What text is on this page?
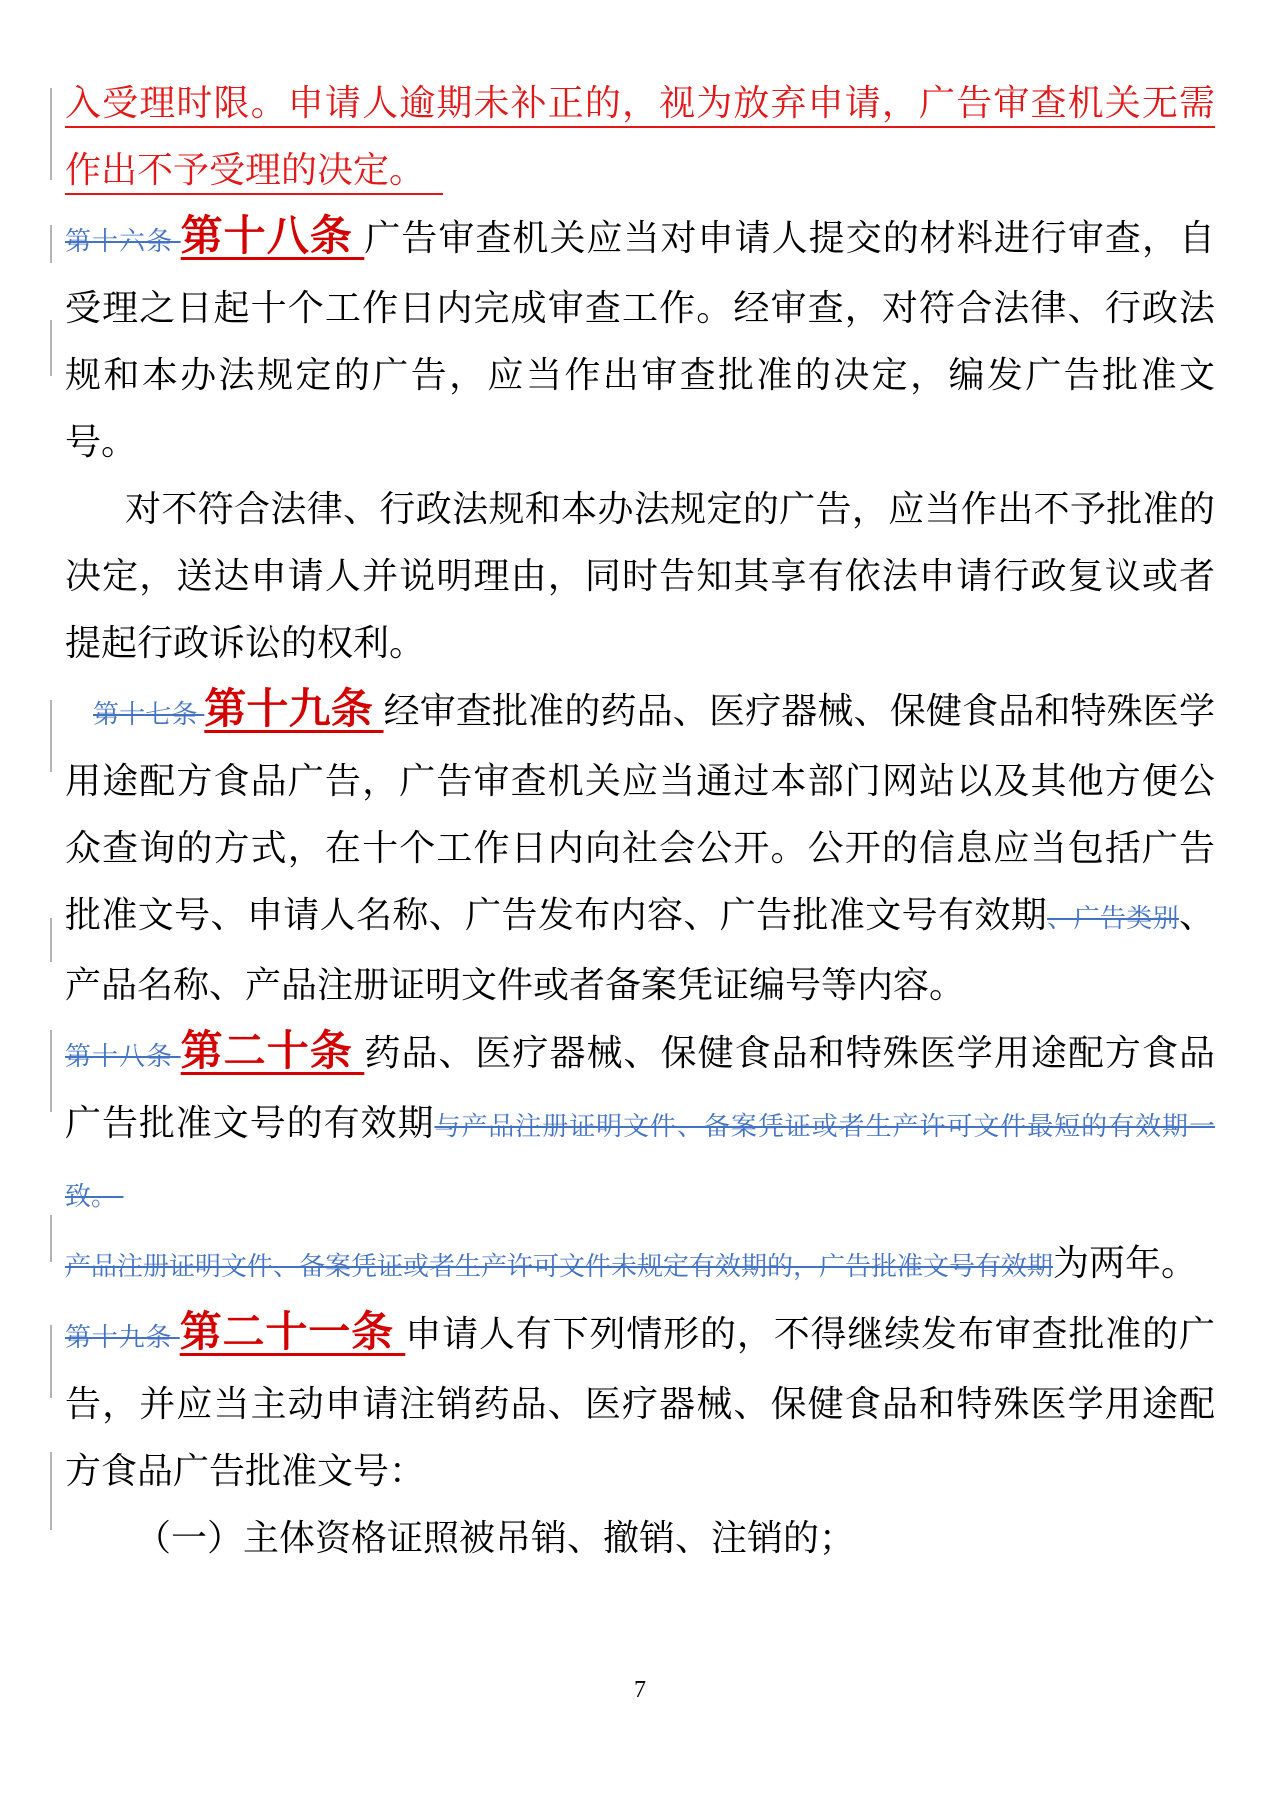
入受理时限。申请人逾期未补正的，视为放弃申请，广告审查机关无需作出不予受理的决定。

第十六条 第十八条 广告审查机关应当对申请人提交的材料进行审查，自受理之日起十个工作日内完成审查工作。经审查，对符合法律、行政法规和本办法规定的广告，应当作出审查批准的决定，编发广告批准文号。

对不符合法律、行政法规和本办法规定的广告，应当作出不予批准的决定，送达申请人并说明理由，同时告知其享有依法申请行政复议或者提起行政诉讼的权利。

第十七条 第十九条 经审查批准的药品、医疗器械、保健食品和特殊医学用途配方食品广告，广告审查机关应当通过本部门网站以及其他方便公众查询的方式，在十个工作日内向社会公开。公开的信息应当包括广告批准文号、申请人名称、广告发布内容、广告批准文号有效期、广告类别、产品名称、产品注册证明文件或者备案凭证编号等内容。

第十八条 第二十条 药品、医疗器械、保健食品和特殊医学用途配方食品广告批准文号的有效期与产品注册证明文件、备案凭证或者生产许可文件最短的有效期一致。

产品注册证明文件、备案凭证或者生产许可文件未规定有效期的，广告批准文号有效期为两年。

第十九条 第二十一条 申请人有下列情形的，不得继续发布审查批准的广告，并应当主动申请注销药品、医疗器械、保健食品和特殊医学用途配方食品广告批准文号：

（一）主体资格证照被吊销、撤销、注销的；

7
